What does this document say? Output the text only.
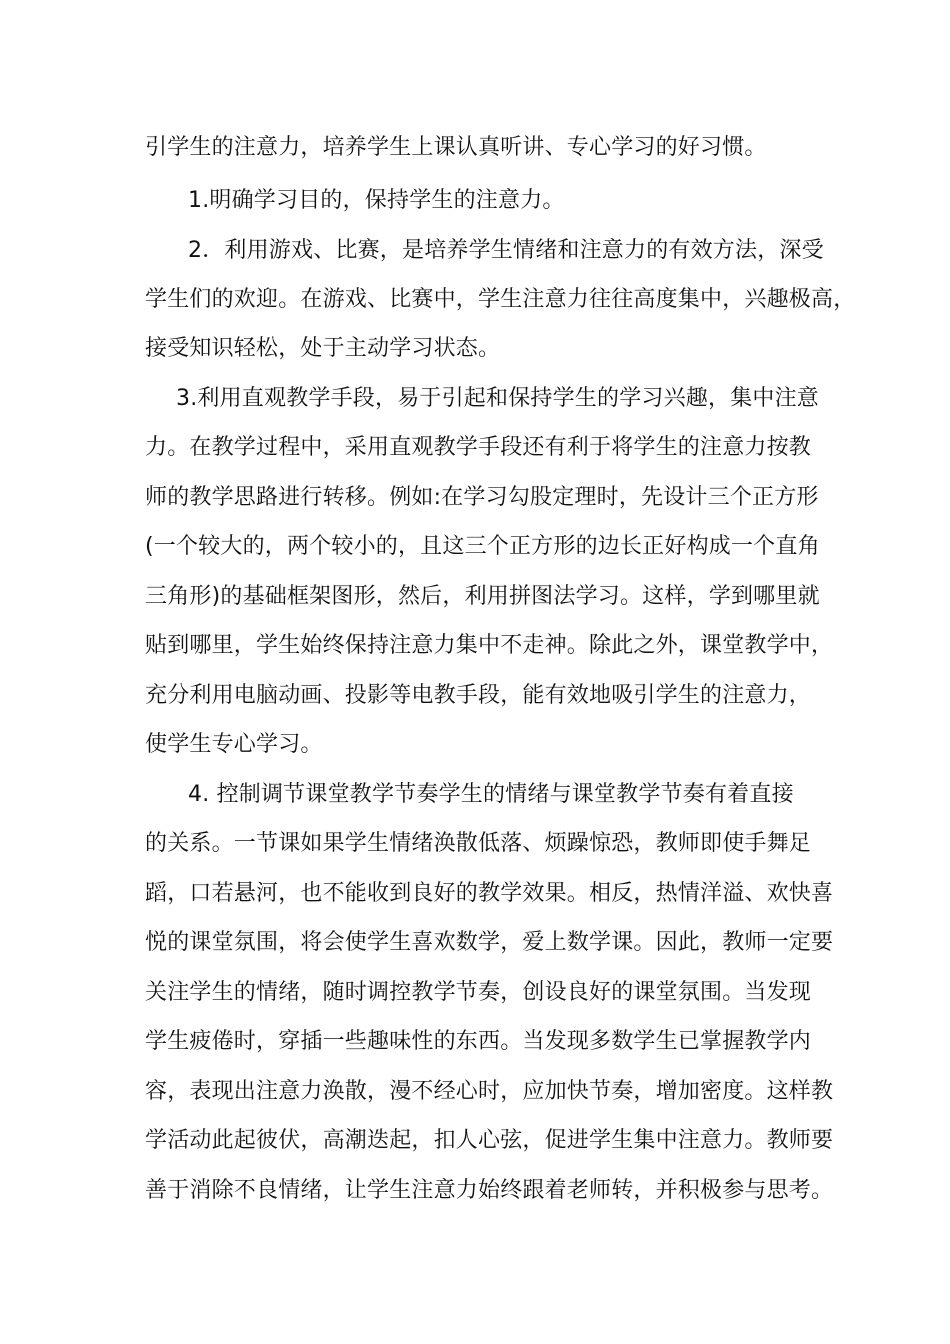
引学生的注意力，培养学生上课认真听讲、专心学习的好习惯。
1.明确学习目的，保持学生的注意力。
2．利用游戏、比赛，是培养学生情绪和注意力的有效方法，深受
学生们的欢迎。在游戏、比赛中，学生注意力往往高度集中，兴趣极高，
接受知识轻松，处于主动学习状态。
3.利用直观教学手段，易于引起和保持学生的学习兴趣，集中注意
力。在教学过程中，采用直观教学手段还有利于将学生的注意力按教
师的教学思路进行转移。例如:在学习勾股定理时，先设计三个正方形
(一个较大的，两个较小的，且这三个正方形的边长正好构成一个直角
三角形)的基础框架图形，然后，利用拼图法学习。这样，学到哪里就
贴到哪里，学生始终保持注意力集中不走神。除此之外，课堂教学中，
充分利用电脑动画、投影等电教手段，能有效地吸引学生的注意力，
使学生专心学习。
4. 控制调节课堂教学节奏学生的情绪与课堂教学节奏有着直接
的关系。一节课如果学生情绪涣散低落、烦躁惊恐，教师即使手舞足
蹈，口若悬河，也不能收到良好的教学效果。相反，热情洋溢、欢快喜
悦的课堂氛围，将会使学生喜欢数学，爱上数学课。因此，教师一定要
关注学生的情绪，随时调控教学节奏，创设良好的课堂氛围。当发现
学生疲倦时，穿插一些趣味性的东西。当发现多数学生已掌握教学内
容，表现出注意力涣散，漫不经心时，应加快节奏，增加密度。这样教
学活动此起彼伏，高潮迭起，扣人心弦，促进学生集中注意力。教师要
善于消除不良情绪，让学生注意力始终跟着老师转，并积极参与思考。
